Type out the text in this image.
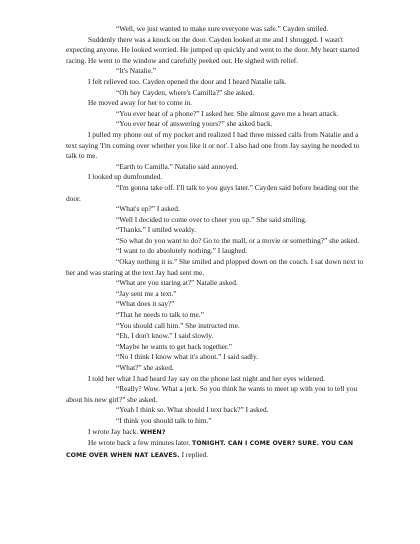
“Well, we just wanted to make sure everyone was safe.” Cayden smiled.

Suddenly there was a knock on the door. Cayden looked at me and I shrugged. I wasn't expecting anyone. He looked worried. He jumped up quickly and went to the door. My heart started racing. He went to the window and carefully peeked out. He sighed with relief.

“It's Natalie.”

I felt relieved too. Cayden opened the door and I heard Natalie talk.

“Oh hey Cayden, where's Camilla?” she asked.

He moved away for her to come in.

“You ever hear of a phone?” I asked her. She almost gave me a heart attack.

“You ever hear of answering yours?” she asked back.

I pulled my phone out of my pocket and realized I had three missed calls from Natalie and a text saying 'I'm coming over whether you like it or not'. I also had one from Jay saying he needed to talk to me.

“Earth to Camilla.” Natalie said annoyed.

I looked up dumfounded.

“I'm gonna take off. I'll talk to you guys later.” Cayden said before heading out the door.

“What's up?” I asked.

“Well I decided to come over to cheer you up.” She said smiling.

“Thanks.” I smiled weakly.

“So what do you want to do? Go to the mall, or a movie or something?” she asked.

“I want to do absolutely nothing.” I laughed.

“Okay nothing it is.” She smiled and plopped down on the couch. I sat down next to her and was staring at the text Jay had sent me.

“What are you staring at?” Natalie asked.

“Jay sent me a text.”

“What does it say?”

“That he needs to talk to me.”

“You should call him.” She instructed me.

“Eh, I don't know.” I said slowly.

“Maybe he wants to get back together.”

“No I think I know what it's about.” I said sadly.

“What?” she asked.

I told her what I had heard Jay say on the phone last night and her eyes widened.

“Really? Wow. What a jerk. So you think he wants to meet up with you to tell you about his new girl?” she asked.

“Yeah I think so. What should I text back?” I asked.

“I think you should talk to him.”

I wrote Jay back. WHEN?

He wrote back a few minutes later. TONIGHT. CAN I COME OVER? SURE. YOU CAN COME OVER WHEN NAT LEAVES. I replied.
